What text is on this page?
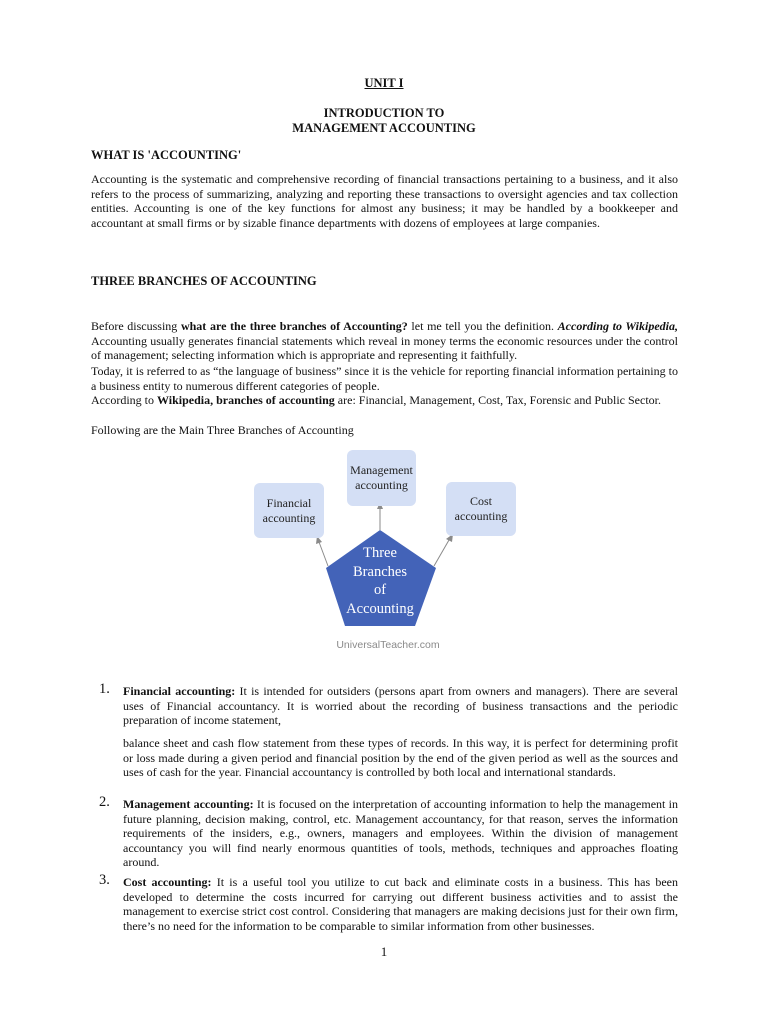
UNIT I
INTRODUCTION TO
MANAGEMENT ACCOUNTING
WHAT IS 'ACCOUNTING'

Accounting is the systematic and comprehensive recording of financial transactions pertaining to a business, and it also refers to the process of summarizing, analyzing and reporting these transactions to oversight agencies and tax collection entities. Accounting is one of the key functions for almost any business; it may be handled by a bookkeeper and accountant at small firms or by sizable finance departments with dozens of employees at large companies.

THREE BRANCHES OF ACCOUNTING

Before discussing what are the three branches of Accounting? let me tell you the definition. According to Wikipedia, Accounting usually generates financial statements which reveal in money terms the economic resources under the control of management; selecting information which is appropriate and representing it faithfully.

Today, it is referred to as “the language of business” since it is the vehicle for reporting financial information pertaining to a business entity to numerous different categories of people.

According to Wikipedia, branches of accounting are: Financial, Management, Cost, Tax, Forensic and Public Sector.

Following are the Main Three Branches of Accounting

Management
accounting
Financial
accounting
Cost
accounting
Three
Branches
of
Accounting
UniversalTeacher.com
1. Financial accounting: It is intended for outsiders (persons apart from owners and managers). There are several uses of Financial accountancy. It is worried about the recording of business transactions and the periodic preparation of income statement,
balance sheet and cash flow statement from these types of records. In this way, it is perfect for determining profit or loss made during a given period and financial position by the end of the given period as well as the sources and uses of cash for the year. Financial accountancy is controlled by both local and international standards.
2. Management accounting: It is focused on the interpretation of accounting information to help the management in future planning, decision making, control, etc. Management accountancy, for that reason, serves the information requirements of the insiders, e.g., owners, managers and employees. Within the division of management accountancy you will find nearly enormous quantities of tools, methods, techniques and approaches floating around.
3. Cost accounting: It is a useful tool you utilize to cut back and eliminate costs in a business. This has been developed to determine the costs incurred for carrying out different business activities and to assist the management to exercise strict cost control. Considering that managers are making decisions just for their own firm, there’s no need for the information to be comparable to similar information from other businesses.
1
